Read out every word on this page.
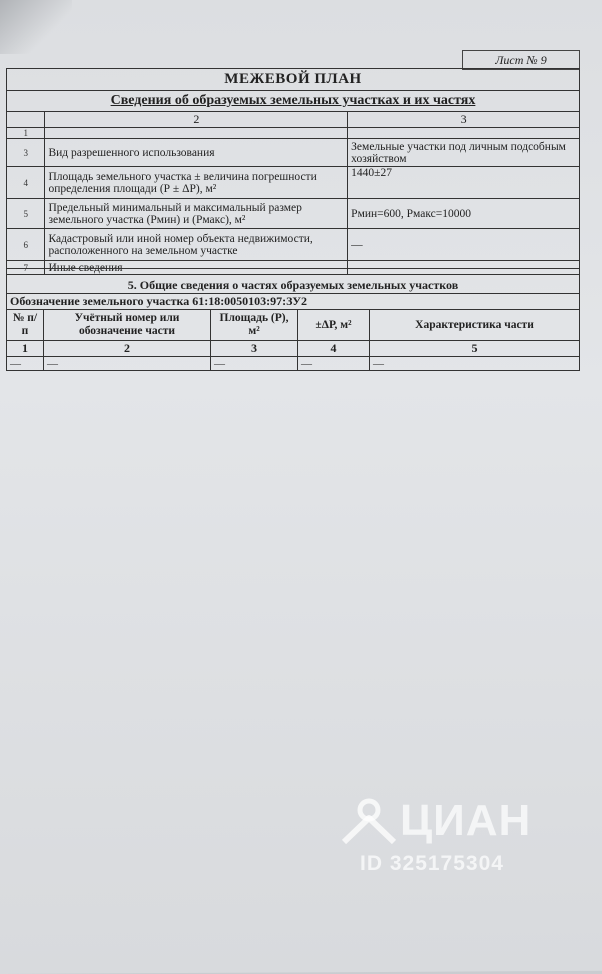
Лист № 9
МЕЖЕВОЙ ПЛАН		
Сведения об образуемых земельных участках и их частях		
	2	3
1		
3	Вид разрешенного использования	Земельные участки под личным подсобным хозяйством
4	Площадь земельного участка ± величина погрешности определения площади (Р ± ΔР), м²	1440±27
5	Предельный минимальный и максимальный размер земельного участка (Рмин) и (Рмакс), м²	Рмин=600, Рмакс=10000
6	Кадастровый или иной номер объекта недвижимости, расположенного на земельном участке	—
7	Иные сведения	—
5. Общие сведения о частях образуемых земельных участков				
Обозначение земельного участка 61:18:0050103:97:ЗУ2				
№ п/п	Учётный номер или обозначение части	Площадь (Р), м²	±ΔР, м²	Характеристика части
1	2	3	4	5
—	—	—	—	—
ЦИАН
ID 325175304
